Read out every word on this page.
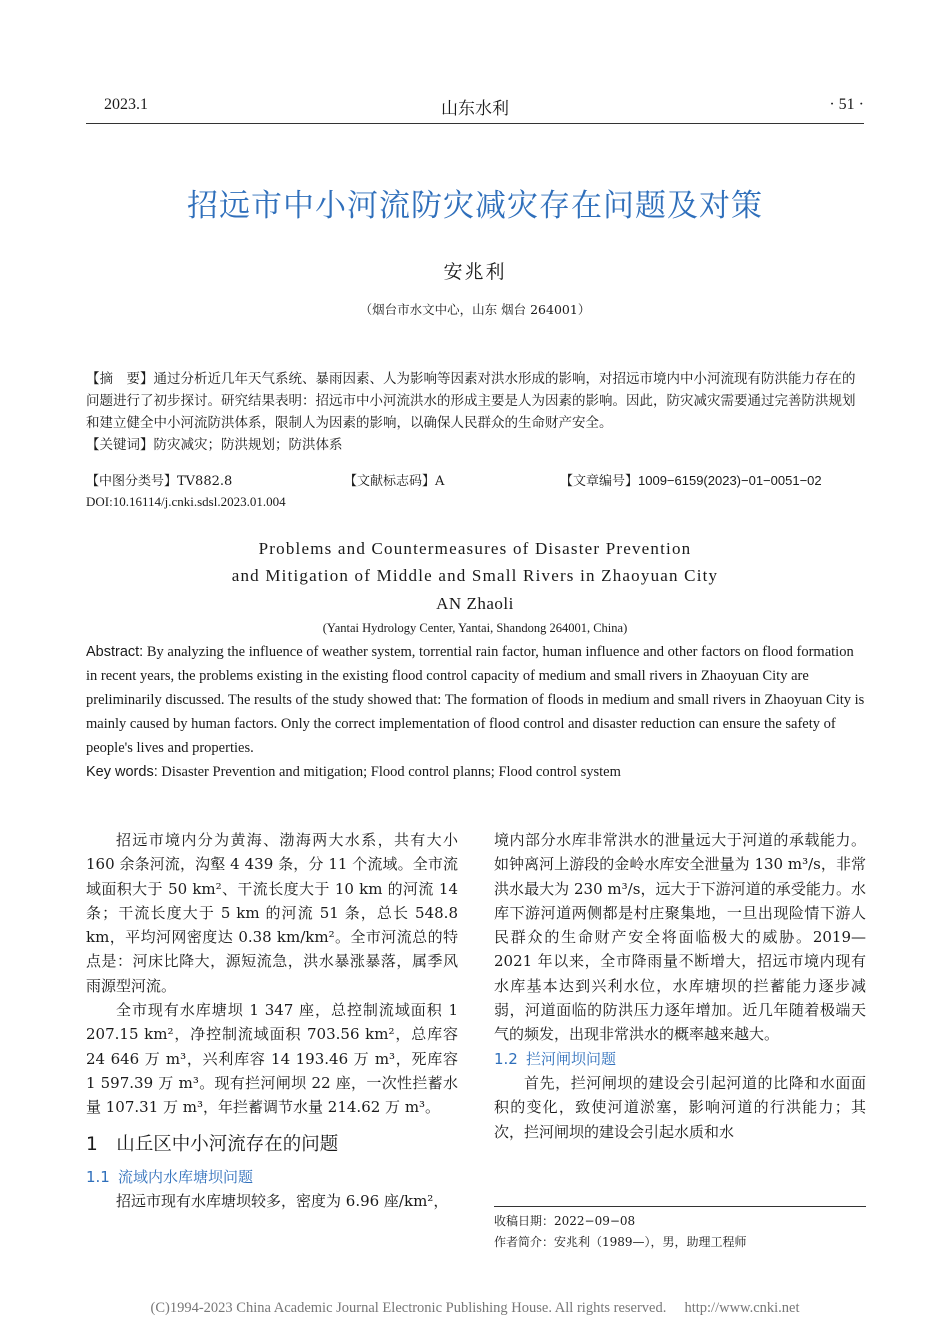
2023.1	山东水利	· 51 ·
招远市中小河流防灾减灾存在问题及对策
安兆利
（烟台市水文中心，山东 烟台 264001）

【摘　要】通过分析近几年天气系统、暴雨因素、人为影响等因素对洪水形成的影响，对招远市境内中小河流现有防洪能力存在的问题进行了初步探讨。研究结果表明：招远市中小河流洪水的形成主要是人为因素的影响。因此，防灾减灾需要通过完善防洪规划和建立健全中小河流防洪体系，限制人为因素的影响，以确保人民群众的生命财产安全。

【关键词】防灾减灾；防洪规划；防洪体系

【中图分类号】TV882.8	【文献标志码】A	【文章编号】1009−6159(2023)−01−0051−02
DOI:10.16114/j.cnki.sdsl.2023.01.004
Problems and Countermeasures of Disaster Prevention
and Mitigation of Middle and Small Rivers in Zhaoyuan City
AN Zhaoli
(Yantai Hydrology Center, Yantai, Shandong 264001, China)

Abstract: By analyzing the influence of weather system, torrential rain factor, human influence and other factors on flood formation in recent years, the problems existing in the existing flood control capacity of medium and small rivers in Zhaoyuan City are preliminarily discussed. The results of the study showed that: The formation of floods in medium and small rivers in Zhaoyuan City is mainly caused by human factors. Only the correct implementation of flood control and disaster reduction can ensure the safety of people's lives and properties.

Key words: Disaster Prevention and mitigation; Flood control planns; Flood control system

招远市境内分为黄海、渤海两大水系，共有大小 160 余条河流，沟壑 4 439 条，分 11 个流域。全市流域面积大于 50 km²、干流长度大于 10 km 的河流 14 条；干流长度大于 5 km 的河流 51 条，总长 548.8 km，平均河网密度达 0.38 km/km²。全市河流总的特点是：河床比降大，源短流急，洪水暴涨暴落，属季风雨源型河流。

全市现有水库塘坝 1 347 座，总控制流域面积 1 207.15 km²，净控制流域面积 703.56 km²，总库容 24 646 万 m³，兴利库容 14 193.46 万 m³，死库容 1 597.39 万 m³。现有拦河闸坝 22 座，一次性拦蓄水量 107.31 万 m³，年拦蓄调节水量 214.62 万 m³。

1　山丘区中小河流存在的问题

1.1 流域内水库塘坝问题

招远市现有水库塘坝较多，密度为 6.96 座/km²，

境内部分水库非常洪水的泄量远大于河道的承载能力。如钟离河上游段的金岭水库安全泄量为 130 m³/s，非常洪水最大为 230 m³/s，远大于下游河道的承受能力。水库下游河道两侧都是村庄聚集地，一旦出现险情下游人民群众的生命财产安全将面临极大的威胁。2019—2021 年以来，全市降雨量不断增大，招远市境内现有水库基本达到兴利水位，水库塘坝的拦蓄能力逐步减弱，河道面临的防洪压力逐年增加。近几年随着极端天气的频发，出现非常洪水的概率越来越大。

1.2 拦河闸坝问题

首先，拦河闸坝的建设会引起河道的比降和水面面积的变化，致使河道淤塞，影响河道的行洪能力；其次，拦河闸坝的建设会引起水质和水

收稿日期：2022−09−08
作者简介：安兆利（1989—），男，助理工程师
(C)1994-2023 China Academic Journal Electronic Publishing House. All rights reserved.　 http://www.cnki.net
